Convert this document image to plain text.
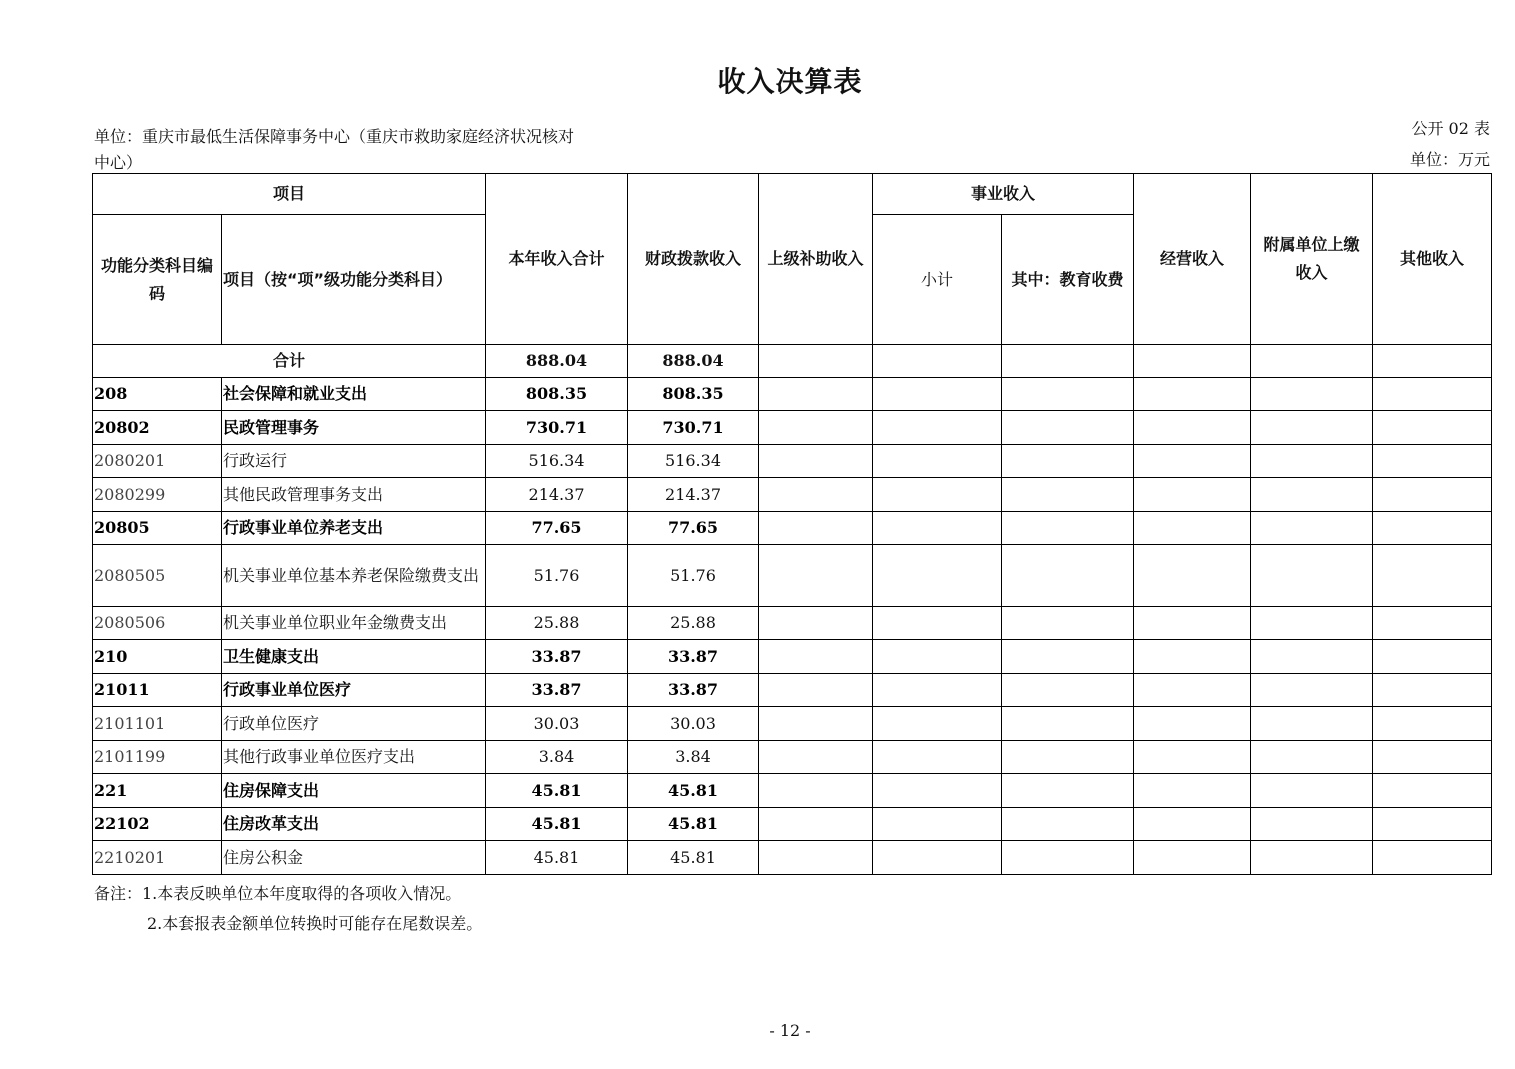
收入决算表
单位：重庆市最低生活保障事务中心（重庆市救助家庭经济状况核对
中心）
公开 02 表
单位：万元
项目		本年收入合计	财政拨款收入	上级补助收入	事业收入		经营收入	附属单位上缴收入	其他收入
功能分类科目编码	项目（按“项”级功能分类科目）				小计	其中：教育收费			
合计		888.04	888.04						
208	社会保障和就业支出	808.35	808.35						
20802	民政管理事务	730.71	730.71						
2080201	行政运行	516.34	516.34						
2080299	其他民政管理事务支出	214.37	214.37						
20805	行政事业单位养老支出	77.65	77.65						
2080505	机关事业单位基本养老保险缴费支出	51.76	51.76						
2080506	机关事业单位职业年金缴费支出	25.88	25.88						
210	卫生健康支出	33.87	33.87						
21011	行政事业单位医疗	33.87	33.87						
2101101	行政单位医疗	30.03	30.03						
2101199	其他行政事业单位医疗支出	3.84	3.84						
221	住房保障支出	45.81	45.81						
22102	住房改革支出	45.81	45.81						
2210201	住房公积金	45.81	45.81						
备注：1.本表反映单位本年度取得的各项收入情况。
2.本套报表金额单位转换时可能存在尾数误差。
- 12 -
